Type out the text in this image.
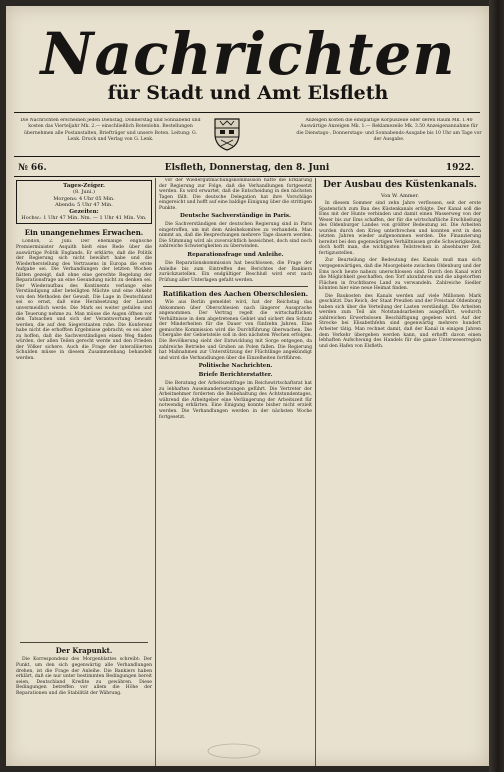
Nachrichten
für Stadt und Amt Elsfleth
Die Nachrichten erscheinen jeden Dienstag, Donnerstag und Sonnabend und kosten das Vierteljahr Mk. 2.— einschließlich Botenlohn. Bestellungen übernehmen alle Postanstalten, Briefträger und unsere Boten. Leitung: G. Lenk. Druck und Verlag von G. Lenk.
Anzeigen kosten die einspaltige Korpuszeile oder deren Raum Mk. 1.40 Auswärtige Anzeigen Mk. 1.— Reklamezeile Mk. 3.50 Anzeigenannahme für die Dienstags-, Donnerstags- und Sonnabends-Ausgabe bis 10 Uhr am Tage vor der Ausgabe.
№ 66.	Elsfleth, Donnerstag, den 8. Juni	1922.
Tages-Zeiger.
(8. Juni.)
Morgens: 4 Uhr 05 Min.
Abends: 5 Uhr 47 Min.
Gezeiten:
Hochw.: 1 Uhr 47 Min. Nm. — 1 Uhr 41 Min. Vm.
Ein unangenehmes Erwachen.
London, 2. Juni. Der ehemalige englische Premierminister Asquith hielt eine Rede über die auswärtige Politik Englands. Er erklärte, daß die Politik der Regierung sich nicht bewährt habe und die Wiederherstellung des Vertrauens in Europa die erste Aufgabe sei. Die Verhandlungen der letzten Wochen hätten gezeigt, daß ohne eine gerechte Regelung der Reparationsfrage an eine Gesundung nicht zu denken sei. Der Wiederaufbau des Kontinents verlange eine Verständigung aller beteiligten Mächte und eine Abkehr von den Methoden der Gewalt. Die Lage in Deutschland sei so ernst, daß eine Herabsetzung der Lasten unvermeidlich werde. Die Mark sei weiter gefallen und die Teuerung nehme zu. Man müsse die Augen öffnen vor den Tatsachen und sich der Verantwortung bewußt werden, die auf den Siegerstaaten ruhe. Die Konferenz habe nicht die erhofften Ergebnisse gebracht; es sei aber zu hoffen, daß die Sachverständigen einen Weg finden würden, der allen Teilen gerecht werde und den Frieden der Völker sichere. Auch die Frage der interalliierten Schulden müsse in diesem Zusammenhang behandelt werden.
Der Krapunkt.
Die Korrespondenz des Morgenblattes schreibt: Der Punkt, um den sich gegenwärtig alle Verhandlungen drehen, ist die Frage der Anleihe. Die Bankiers haben erklärt, daß sie nur unter bestimmten Bedingungen bereit seien, Deutschland Kredite zu gewähren. Diese Bedingungen betreffen vor allem die Höhe der Reparationen und die Stabilität der Währung.
vor der Wiedergutmachungskommission hatte die Erklärung der Regierung zur Folge, daß die Verhandlungen fortgesetzt werden. Es wird erwartet, daß die Entscheidung in den nächsten Tagen fällt. Die deutsche Delegation hat ihre Vorschläge eingereicht und hofft auf eine baldige Einigung über die strittigen Punkte.
Deutsche Sachverständige in Paris.
Die Sachverständigen der deutschen Regierung sind in Paris eingetroffen, um mit dem Anleihekomitee zu verhandeln. Man nimmt an, daß die Besprechungen mehrere Tage dauern werden. Die Stimmung wird als zuversichtlich bezeichnet, doch sind noch zahlreiche Schwierigkeiten zu überwinden.
Reparationsfrage und Anleihe.
Die Reparationskommission hat beschlossen, die Frage der Anleihe bis zum Eintreffen des Berichtes der Bankiers zurückzustellen. Ein endgültiger Beschluß wird erst nach Prüfung aller Unterlagen gefaßt werden.
Ratifikation des Aachen Oberschlesien.
Wie aus Berlin gemeldet wird, hat der Reichstag das Abkommen über Oberschlesien nach längerer Aussprache angenommen. Der Vertrag regelt die wirtschaftlichen Verhältnisse in dem abgetretenen Gebiet und sichert den Schutz der Minderheiten für die Dauer von fünfzehn Jahren. Eine gemischte Kommission wird die Durchführung überwachen. Die Übergabe der Gebietsteile soll in den nächsten Wochen erfolgen. Die Bevölkerung sieht der Entwicklung mit Sorge entgegen, da zahlreiche Betriebe und Gruben an Polen fallen. Die Regierung hat Maßnahmen zur Unterstützung der Flüchtlinge angekündigt und wird die Verhandlungen über die Einzelheiten fortführen.
Politische Nachrichten.
Briefe Berichterstatter.
Die Beratung der Arbeitszeitfrage im Reichswirtschaftsrat hat zu lebhaften Auseinandersetzungen geführt. Die Vertreter der Arbeitnehmer forderten die Beibehaltung des Achtstundentages, während die Arbeitgeber eine Verlängerung der Arbeitszeit für notwendig erklärten. Eine Einigung konnte bisher nicht erzielt werden. Die Verhandlungen werden in der nächsten Woche fortgesetzt.
Der Ausbau des Küstenkanals.
Von W. Ammer.
In diesem Sommer sind zehn Jahre verflossen, seit der erste Spatenstich zum Bau des Küstenkanals erfolgte. Der Kanal soll die Ems mit der Hunte verbinden und damit einen Wasserweg von der Weser bis zur Ems schaffen, der für die wirtschaftliche Erschließung des Oldenburger Landes von größter Bedeutung ist. Die Arbeiten wurden durch den Krieg unterbrochen und konnten erst in den letzten Jahren wieder aufgenommen werden. Die Finanzierung bereitet bei den gegenwärtigen Verhältnissen große Schwierigkeiten, doch hofft man, die wichtigsten Teilstrecken in absehbarer Zeit fertigzustellen.
Zur Beurteilung der Bedeutung des Kanals muß man sich vergegenwärtigen, daß die Moorgebiete zwischen Oldenburg und der Ems noch heute nahezu unerschlossen sind. Durch den Kanal wird die Möglichkeit geschaffen, den Torf abzufahren und die abgetorften Flächen in fruchtbares Land zu verwandeln. Zahlreiche Siedler könnten hier eine neue Heimat finden.
Die Baukosten des Kanals werden auf viele Millionen Mark geschätzt. Das Reich, der Staat Preußen und der Freistaat Oldenburg haben sich über die Verteilung der Lasten verständigt. Die Arbeiten werden zum Teil als Notstandsarbeiten ausgeführt, wodurch zahlreichen Erwerbslosen Beschäftigung gegeben wird. Auf der Strecke bei Elisabethfehn sind gegenwärtig mehrere hundert Arbeiter tätig. Man rechnet damit, daß der Kanal in einigen Jahren dem Verkehr übergeben werden kann, und erhofft davon einen lebhaften Aufschwung des Handels für die ganze Unterweserregion und den Hafen von Elsfleth.
